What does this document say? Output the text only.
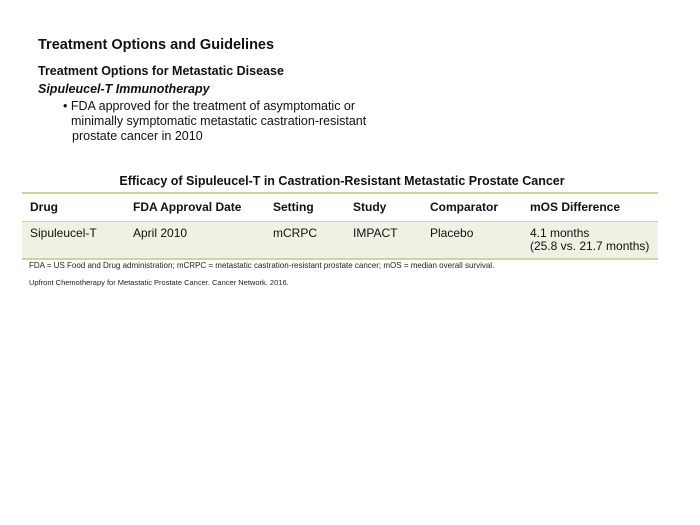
Treatment Options and Guidelines
Treatment Options for Metastatic Disease
Sipuleucel-T Immunotherapy
• FDA approved for the treatment of asymptomatic or
minimally symptomatic metastatic castration-resistant
prostate cancer in 2010
Efficacy of Sipuleucel-T in Castration-Resistant Metastatic Prostate Cancer
Drug	FDA Approval Date	Setting	Study	Comparator	mOS Difference
Sipuleucel-T	April 2010	mCRPC	IMPACT	Placebo	4.1 months
(25.8 vs. 21.7 months)
FDA = US Food and Drug administration; mCRPC = metastatic castration-resistant prostate cancer; mOS = median overall survival.
Upfront Chemotherapy for Metastatic Prostate Cancer. Cancer Network. 2016.
